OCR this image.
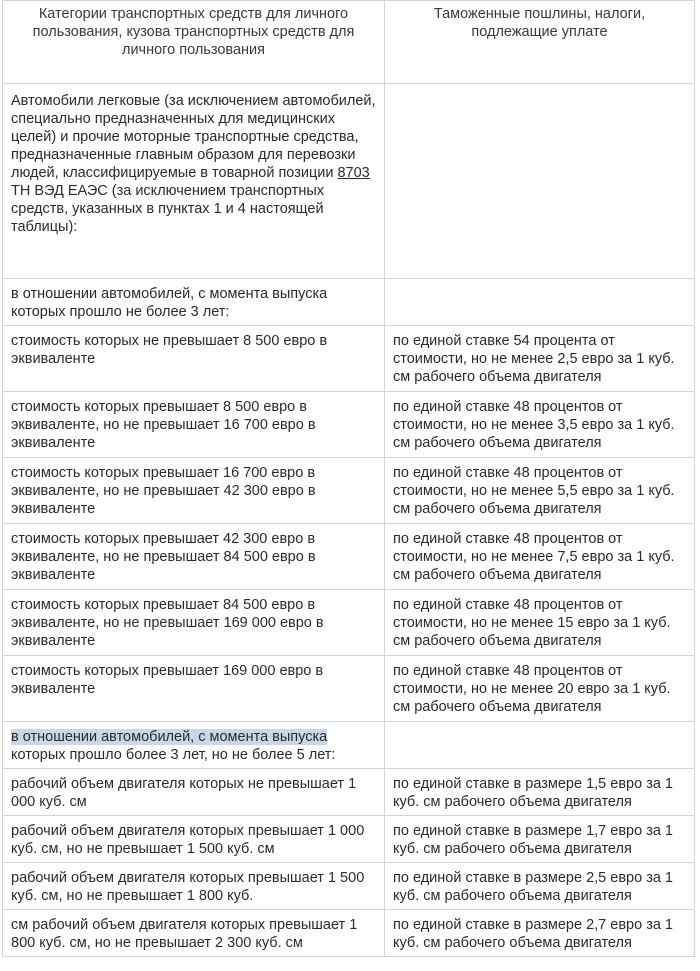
Категории транспортных средств для личного пользования, кузова транспортных средств для личного пользования	Таможенные пошлины, налоги, подлежащие уплате
Автомобили легковые (за исключением автомобилей, специально предназначенных для медицинских целей) и прочие моторные транспортные средства, предназначенные главным образом для перевозки людей, классифицируемые в товарной позиции 8703 ТН ВЭД ЕАЭС (за исключением транспортных средств, указанных в пунктах 1 и 4 настоящей таблицы):	
в отношении автомобилей, с момента выпуска которых прошло не более 3 лет:	
стоимость которых не превышает 8 500 евро в эквиваленте	по единой ставке 54 процента от стоимости, но не менее 2,5 евро за 1 куб. см рабочего объема двигателя
стоимость которых превышает 8 500 евро в эквиваленте, но не превышает 16 700 евро в эквиваленте	по единой ставке 48 процентов от стоимости, но не менее 3,5 евро за 1 куб. см рабочего объема двигателя
стоимость которых превышает 16 700 евро в эквиваленте, но не превышает 42 300 евро в эквиваленте	по единой ставке 48 процентов от стоимости, но не менее 5,5 евро за 1 куб. см рабочего объема двигателя
стоимость которых превышает 42 300 евро в эквиваленте, но не превышает 84 500 евро в эквиваленте	по единой ставке 48 процентов от стоимости, но не менее 7,5 евро за 1 куб. см рабочего объема двигателя
стоимость которых превышает 84 500 евро в эквиваленте, но не превышает 169 000 евро в эквиваленте	по единой ставке 48 процентов от стоимости, но не менее 15 евро за 1 куб. см рабочего объема двигателя
стоимость которых превышает 169 000 евро в эквиваленте	по единой ставке 48 процентов от стоимости, но не менее 20 евро за 1 куб. см рабочего объема двигателя
в отношении автомобилей, с момента выпуска которых прошло более 3 лет, но не более 5 лет:	
рабочий объем двигателя которых не превышает 1 000 куб. см	по единой ставке в размере 1,5 евро за 1 куб. см рабочего объема двигателя
рабочий объем двигателя которых превышает 1 000 куб. см, но не превышает 1 500 куб. см	по единой ставке в размере 1,7 евро за 1 куб. см рабочего объема двигателя
рабочий объем двигателя которых превышает 1 500 куб. см, но не превышает 1 800 куб.	по единой ставке в размере 2,5 евро за 1 куб. см рабочего объема двигателя
см рабочий объем двигателя которых превышает 1 800 куб. см, но не превышает 2 300 куб. см	по единой ставке в размере 2,7 евро за 1 куб. см рабочего объема двигателя
